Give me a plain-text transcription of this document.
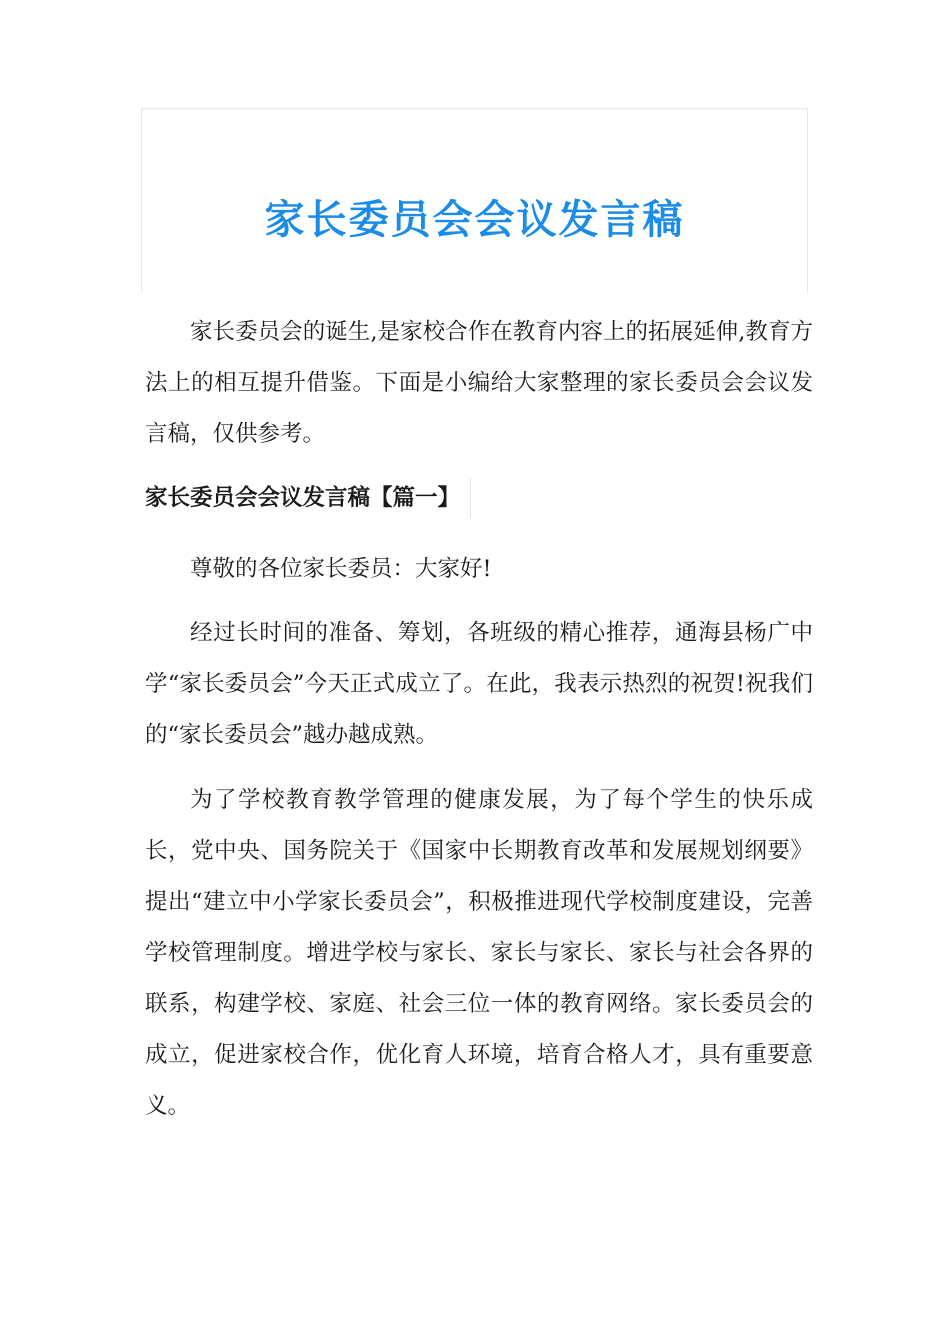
家长委员会会议发言稿

家长委员会的诞生,是家校合作在教育内容上的拓展延伸,教育方法上的相互提升借鉴。下面是小编给大家整理的家长委员会会议发言稿，仅供参考。

家长委员会会议发言稿【篇一】

尊敬的各位家长委员：大家好!

经过长时间的准备、筹划，各班级的精心推荐，通海县杨广中学“家长委员会”今天正式成立了。在此，我表示热烈的祝贺!祝我们的“家长委员会”越办越成熟。

为了学校教育教学管理的健康发展，为了每个学生的快乐成长，党中央、国务院关于《国家中长期教育改革和发展规划纲要》提出“建立中小学家长委员会”，积极推进现代学校制度建设，完善学校管理制度。增进学校与家长、家长与家长、家长与社会各界的联系，构建学校、家庭、社会三位一体的教育网络。家长委员会的成立，促进家校合作，优化育人环境，培育合格人才，具有重要意义。
